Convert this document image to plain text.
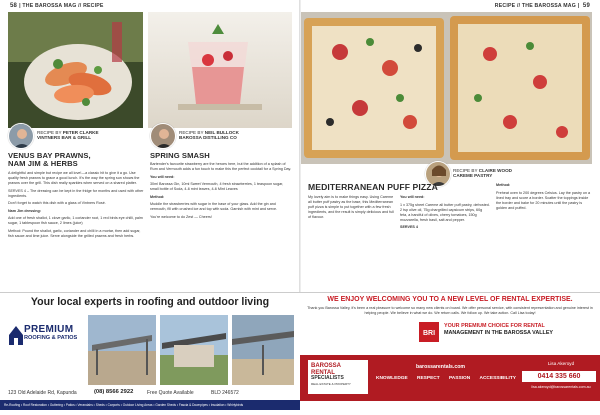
58 | THE BAROSSA MAG // RECIPE
RECIPE BY PETER CLARKE
VINTNERS BAR & GRILL
RECIPE BY NEIL BULLOCK
BAROSSA DISTILLING CO
VENUS BAY PRAWNS,
NAM JIM & HERBS

A delightful and simple but recipe we all love!—a classic hit to give it a go. Use quality fresh prawns to grace a good lunch. It's the way the spring sun shows the prawns over the grill. This dish really sparkles when served on a shared platter.

SERVES 4 – The dressing can be kept in the fridge for months and used with other ingredients.

Don't forget to watch this dish with a glass of Vintners Rosé.

Nam Jim dressing:

Add one of fresh shallot, 1 clove garlic, 1 coriander root, 1 red birds eye chilli, palm sugar, 1 tablespoon fish sauce, 2 limes (juice)

Method: Pound the shallot, garlic, coriander and chilli in a mortar, then add sugar, fish sauce and lime juice. Serve alongside the grilled prawns and fresh herbs.

SPRING SMASH

Bartender's favourite strawberry are the heroes here, but the addition of a splash of Rum and Vermouth adds a fun touch to make this the perfect cocktail for a Spring Day.

You will need:

30ml Barossa Gin, 10ml Sweet Vermouth, 4 fresh strawberries, 1 teaspoon sugar, small bottle of Soda, 4-6 mint leaves, 4-6 Mint Leaves

Method:

Muddle the strawberries with sugar in the base of your glass. Add the gin and vermouth, fill with crushed ice and top with soda. Garnish with mint and serve.

You're welcome to do Zest — Cheers!

RECIPE // THE BAROSSA MAG | 59
RECIPE BY CLAIRE WOOD
CAREME PASTRY
MEDITERRANEAN PUFF PIZZA

My lovely aim is to make things easy. Using Careme all butter puff pastry as the base, this Mediterranean puff pizza is simple to put together with a few fresh ingredients, and the result is simply delicious and full of flavour.

You will need:

1 x 375g sheet Careme all butter puff pastry, defrosted. 2 tsp olive oil, 75g chargrilled capsicum strips, 60g feta, a handful of olives, cherry tomatoes, 150g mozzarella, fresh basil, salt and pepper.

SERVES 4

Method:

Preheat oven to 200 degrees Celsius. Lay the pastry on a lined tray and score a border. Scatter the toppings inside the border and bake for 20 minutes until the pastry is golden and puffed.

Your local experts in roofing and outdoor living
PREMIUM
ROOFING & PATIOS
123 Old Adelaide Rd, Kapunda	(08) 8566 2922	Free Quote Available	BLD 246572
Re-Roofing • Roof Restoration • Guttering • Patios • Verandahs • Sheds • Carports • Outdoor Living Areas • Garden Sheds • Fascia & Downpipes • Insulation • Whirlybirds
WE ENJOY WELCOMING YOU TO A NEW LEVEL OF RENTAL EXPERTISE.
Thank you Barossa Valley, it's been a real pleasure to welcome so many new clients on board. We offer personal service, with consistent representation and genuine interest in helping people. We believe in what we do. We return calls. We follow up. We take action. Call Lisa today!
BRI
YOUR PREMIUM CHOICE FOR RENTAL
MANAGEMENT IN THE BAROSSA VALLEY
BAROSSA RENTAL
SPECIALISTS
REAL ESTATE & PROPERTY
barossarentals.com
KNOWLEDGE RESPECT PASSION ACCESSIBILITY
Lisa Akeroyd
0414 335 660
lisa.akeroyd@barossarentals.com.au
